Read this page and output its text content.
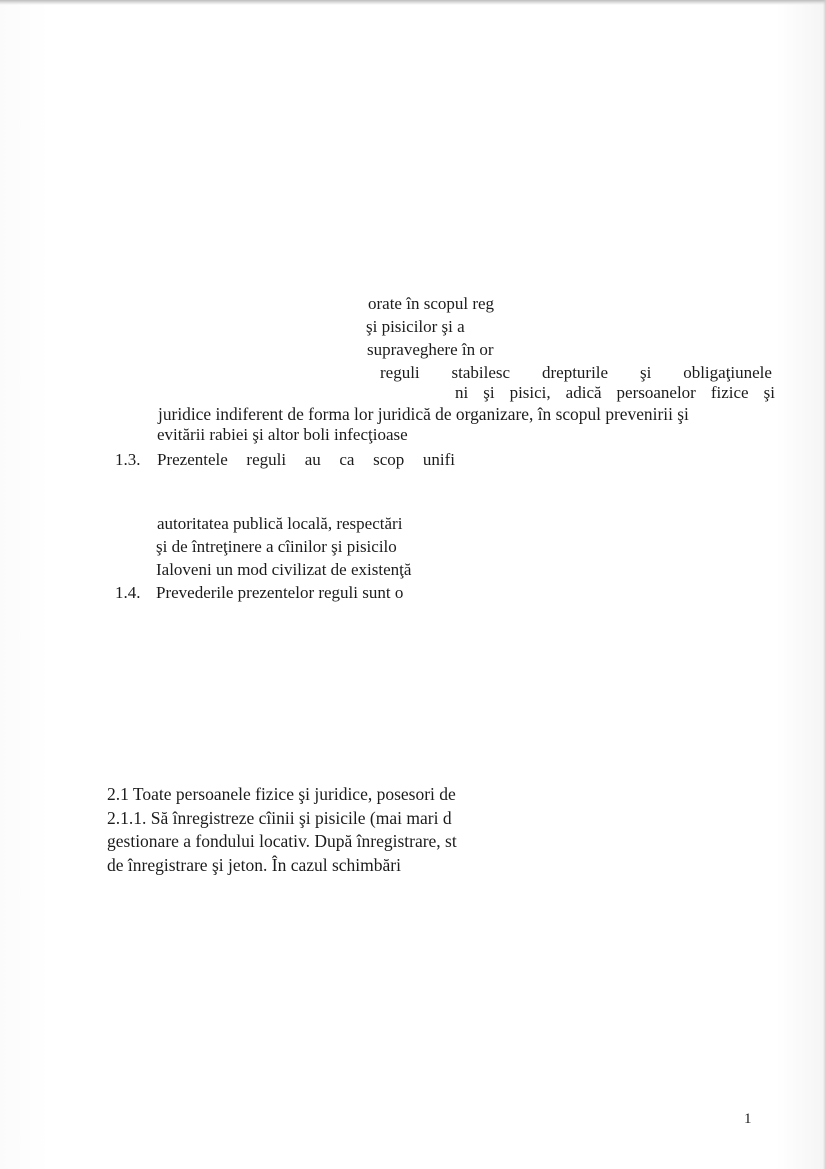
orate în scopul reg
şi pisicilor şi a
supraveghere în or
reguli stabilesc drepturile şi obligaţiunele
ni şi pisici, adică persoanelor fizice şi
juridice indiferent de forma lor juridică de organizare, în scopul prevenirii şi
evitării rabiei şi altor boli infecţioase
1.3. Prezentele reguli au ca scop unifi
autoritatea publică locală, respectări
şi de întreţinere a cîinilor şi pisicilo
Ialoveni un mod civilizat de existenţă
1.4. Prevederile prezentelor reguli sunt o
2.1 Toate persoanele fizice şi juridice, posesori de
2.1.1. Să înregistreze cîinii şi pisicile (mai mari d
gestionare a fondului locativ. După înregistrare, st
de înregistrare şi jeton. În cazul schimbări
1
